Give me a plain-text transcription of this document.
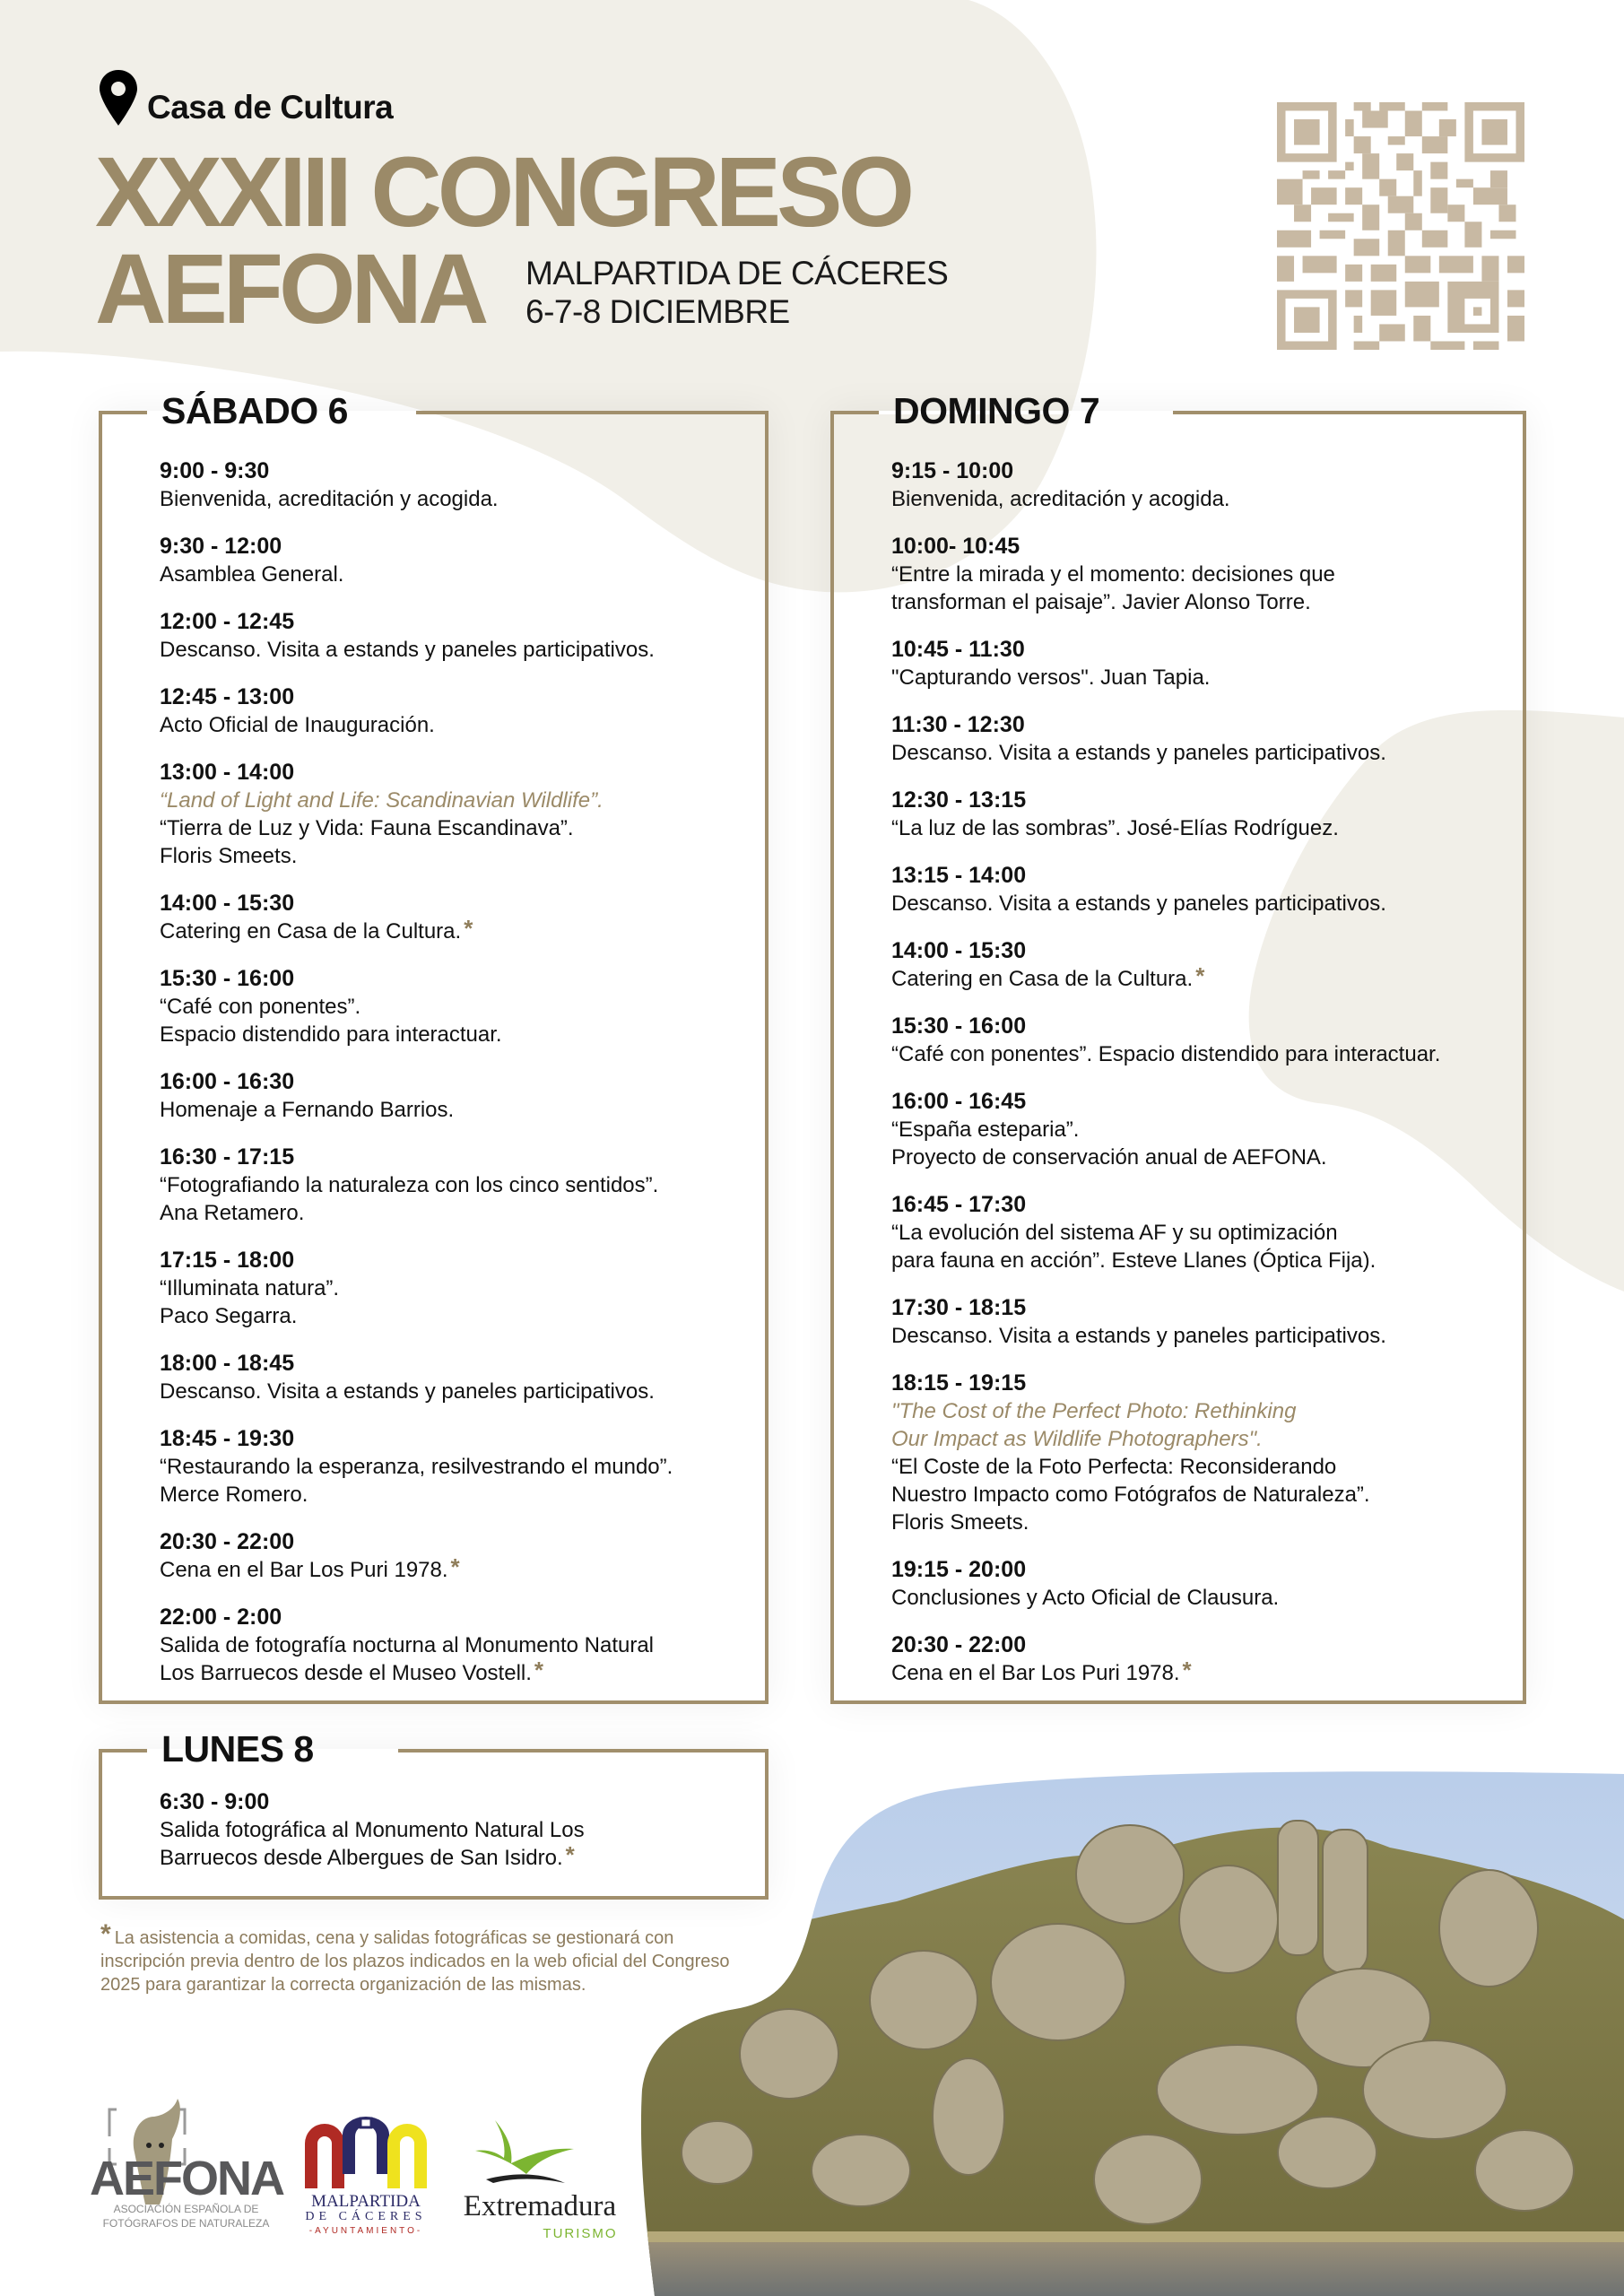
Casa de Cultura
XXXIII CONGRESO
AEFONA MALPARTIDA DE CÁCERES
6-7-8 DICIEMBRE
SÁBADO 6
9:00 - 9:30
Bienvenida, acreditación y acogida.
9:30 - 12:00
Asamblea General.
12:00 - 12:45
Descanso. Visita a estands y paneles participativos.
12:45 - 13:00
Acto Oficial de Inauguración.
13:00 - 14:00
“Land of Light and Life: Scandinavian Wildlife”.
“Tierra de Luz y Vida: Fauna Escandinava”.
Floris Smeets.
14:00 - 15:30
Catering en Casa de la Cultura. *
15:30 - 16:00
“Café con ponentes”.
Espacio distendido para interactuar.
16:00 - 16:30
Homenaje a Fernando Barrios.
16:30 - 17:15
“Fotografiando la naturaleza con los cinco sentidos”.
Ana Retamero.
17:15 - 18:00
“Illuminata natura”.
Paco Segarra.
18:00 - 18:45
Descanso. Visita a estands y paneles participativos.
18:45 - 19:30
“Restaurando la esperanza, resilvestrando el mundo”.
Merce Romero.
20:30 - 22:00
Cena en el Bar Los Puri 1978. *
22:00 - 2:00
Salida de fotografía nocturna al Monumento Natural
Los Barruecos desde el Museo Vostell. *
DOMINGO 7
9:15 - 10:00
Bienvenida, acreditación y acogida.
10:00- 10:45
“Entre la mirada y el momento: decisiones que
transforman el paisaje”. Javier Alonso Torre.
10:45 - 11:30
"Capturando versos". Juan Tapia.
11:30 - 12:30
Descanso. Visita a estands y paneles participativos.
12:30 - 13:15
“La luz de las sombras”. José-Elías Rodríguez.
13:15 - 14:00
Descanso. Visita a estands y paneles participativos.
14:00 - 15:30
Catering en Casa de la Cultura. *
15:30 - 16:00
“Café con ponentes”. Espacio distendido para interactuar.
16:00 - 16:45
“España esteparia”.
Proyecto de conservación anual de AEFONA.
16:45 - 17:30
“La evolución del sistema AF y su optimización
para fauna en acción”. Esteve Llanes (Óptica Fija).
17:30 - 18:15
Descanso. Visita a estands y paneles participativos.
18:15 - 19:15
"The Cost of the Perfect Photo: Rethinking
Our Impact as Wildlife Photographers".
“El Coste de la Foto Perfecta: Reconsiderando
Nuestro Impacto como Fotógrafos de Naturaleza”.
Floris Smeets.
19:15 - 20:00
Conclusiones y Acto Oficial de Clausura.
20:30 - 22:00
Cena en el Bar Los Puri 1978. *
LUNES 8
6:30 - 9:00
Salida fotográfica al Monumento Natural Los
Barruecos desde Albergues de San Isidro. *
* La asistencia a comidas, cena y salidas fotográficas se gestionará con inscripción previa dentro de los plazos indicados en la web oficial del Congreso 2025 para garantizar la correcta organización de las mismas.
AEFONA
ASOCIACIÓN ESPAÑOLA DE
FOTÓGRAFOS DE NATURALEZA
MALPARTIDA
DE CÁCERES
-AYUNTAMIENTO-
Extremadura
TURISMO
